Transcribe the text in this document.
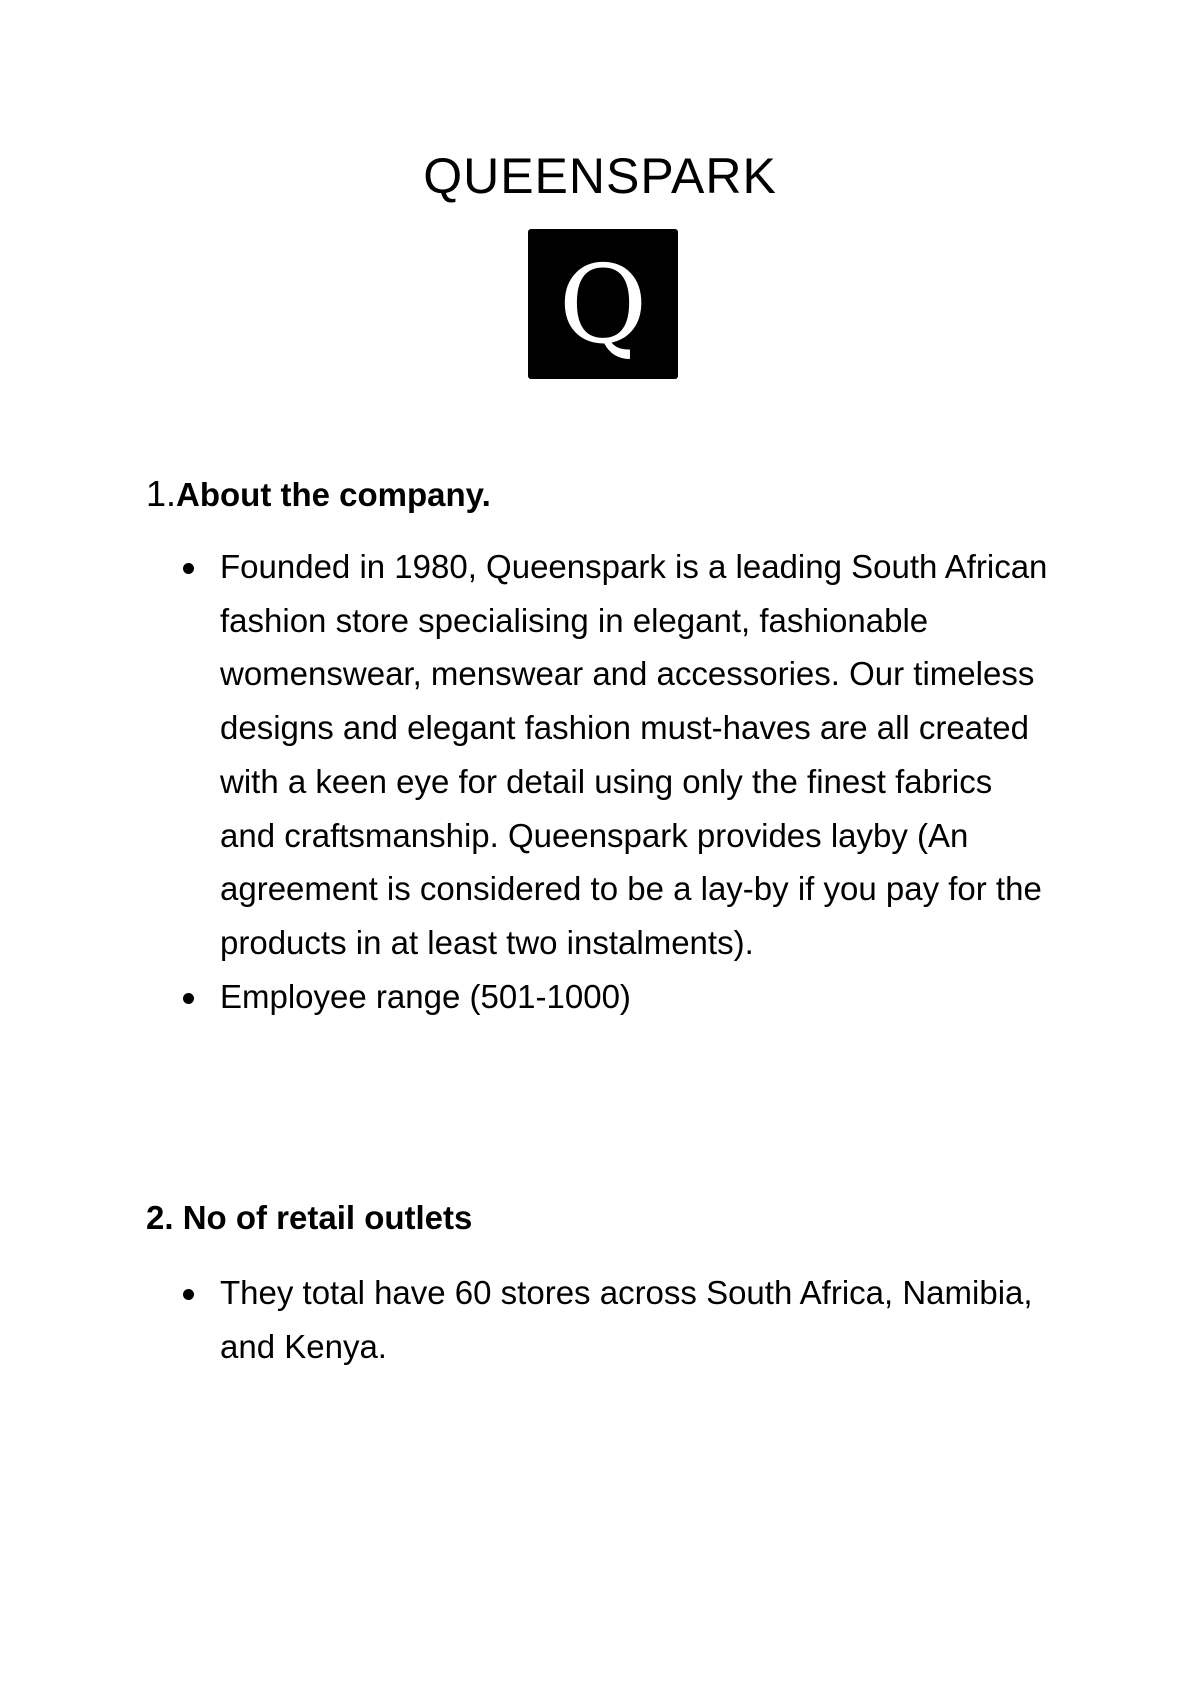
QUEENSPARK
Q
1.About the company.
Founded in 1980, Queenspark is a leading South African fashion store specialising in elegant, fashionable womenswear, menswear and accessories. Our timeless designs and elegant fashion must-haves are all created with a keen eye for detail using only the finest fabrics and craftsmanship. Queenspark provides layby (An agreement is considered to be a lay-by if you pay for the products in at least two instalments).
Employee range (501-1000)
2. No of retail outlets
They total have 60 stores across South Africa, Namibia, and Kenya.
